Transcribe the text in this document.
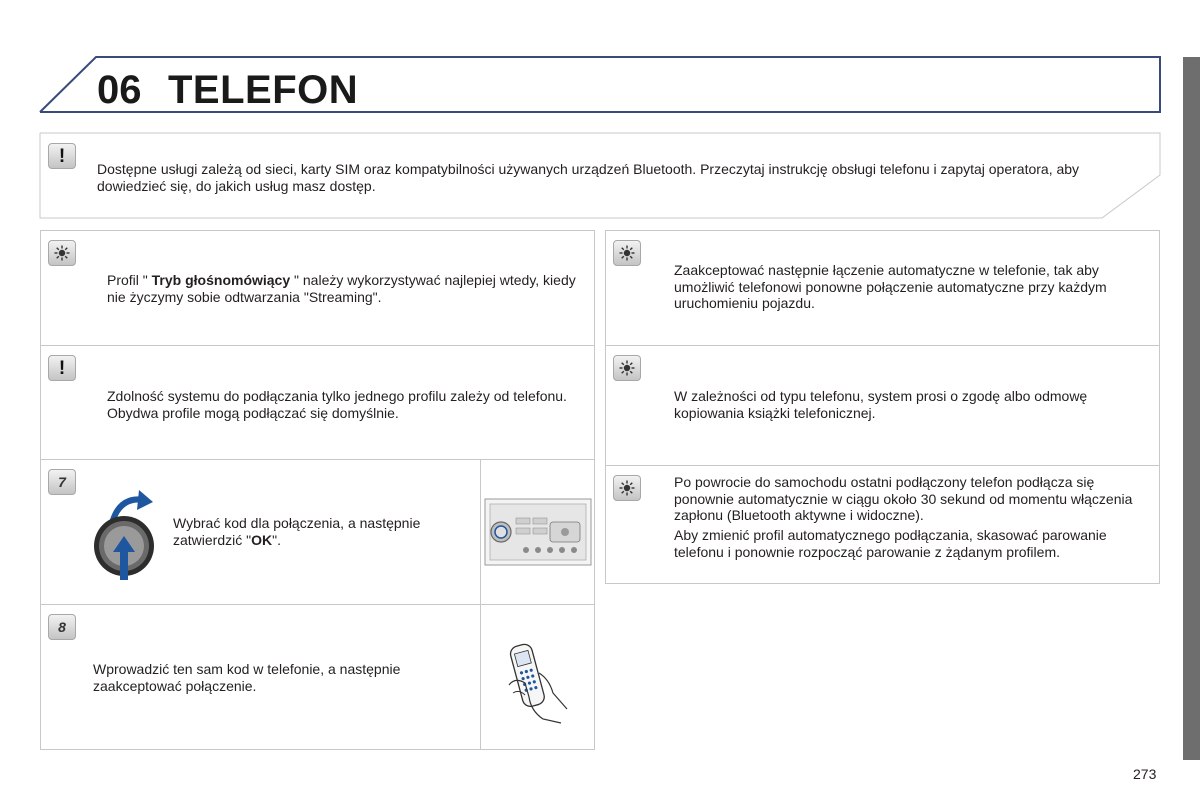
06 TELEFON
!
Dostępne usługi zależą od sieci, karty SIM oraz kompatybilności używanych urządzeń Bluetooth. Przeczytaj instrukcję obsługi telefonu i zapytaj operatora, aby dowiedzieć się, do jakich usług masz dostęp.
Profil " Tryb głośnomówiący " należy wykorzystywać najlepiej wtedy, kiedy nie życzymy sobie odtwarzania "Streaming".
!
Zdolność systemu do podłączania tylko jednego profilu zależy od telefonu. Obydwa profile mogą podłączać się domyślnie.
7
Wybrać kod dla połączenia, a następnie zatwierdzić "OK".
8
Wprowadzić ten sam kod w telefonie, a następnie zaakceptować połączenie.
Zaakceptować następnie łączenie automatyczne w telefonie, tak aby umożliwić telefonowi ponowne połączenie automatyczne przy każdym uruchomieniu pojazdu.
W zależności od typu telefonu, system prosi o zgodę albo odmowę kopiowania książki telefonicznej.
Po powrocie do samochodu ostatni podłączony telefon podłącza się ponownie automatycznie w ciągu około 30 sekund od momentu włączenia zapłonu (Bluetooth aktywne i widoczne).
Aby zmienić profil automatycznego podłączania, skasować parowanie telefonu i ponownie rozpocząć parowanie z żądanym profilem.
273
